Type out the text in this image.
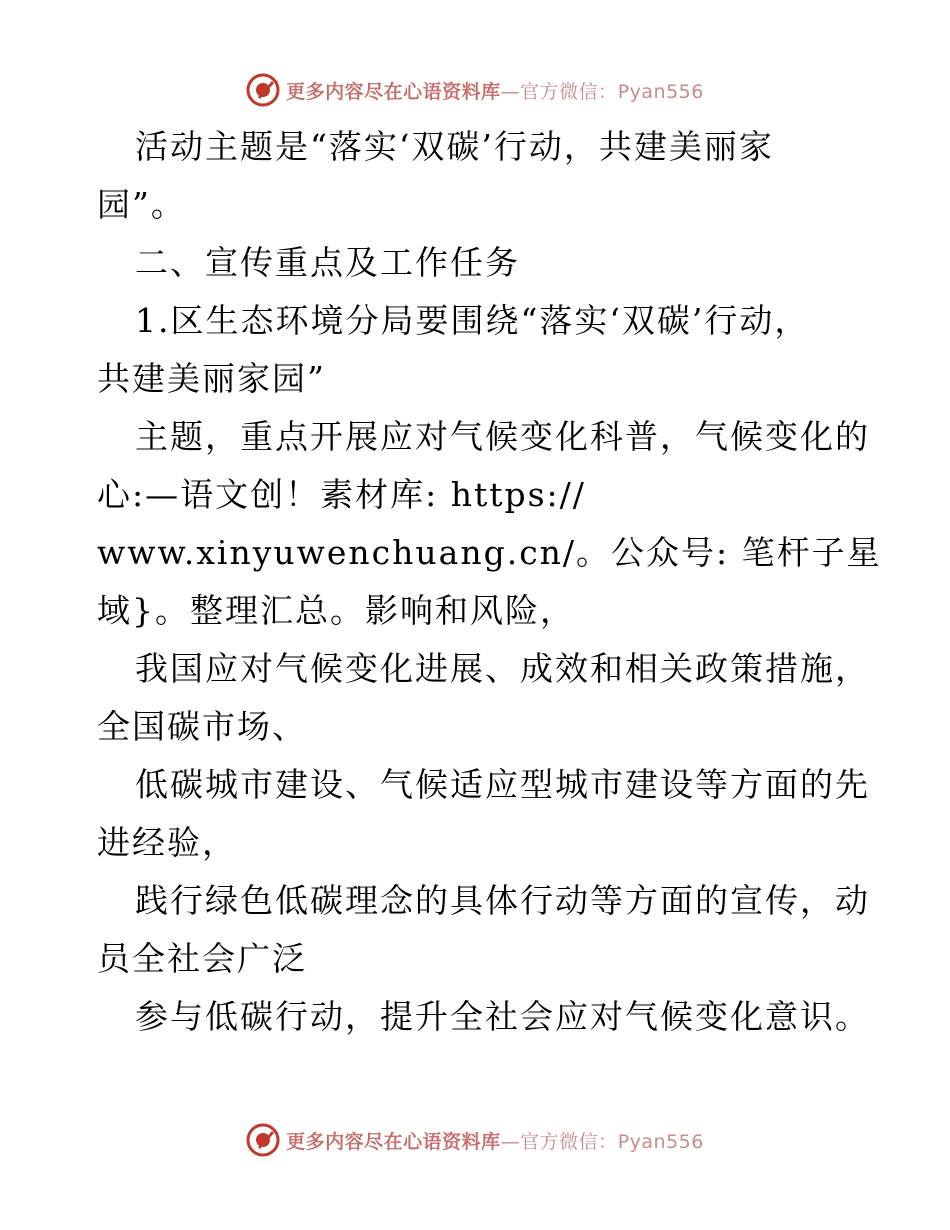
更多内容尽在心语资料库—官方微信：Pyan556
活动主题是“落实‘双碳’行动，共建美丽家
园”。
二、宣传重点及工作任务
1.区生态环境分局要围绕“落实‘双碳’行动，
共建美丽家园”
主题，重点开展应对气候变化科普，气候变化的
心:—语文创！素材库: https://
www.xinyuwenchuang.cn/。公众号: 笔杆子星
域}。整理汇总。影响和风险，
我国应对气候变化进展、成效和相关政策措施，
全国碳市场、
低碳城市建设、气候适应型城市建设等方面的先
进经验，
践行绿色低碳理念的具体行动等方面的宣传，动
员全社会广泛
参与低碳行动，提升全社会应对气候变化意识。
更多内容尽在心语资料库—官方微信：Pyan556
